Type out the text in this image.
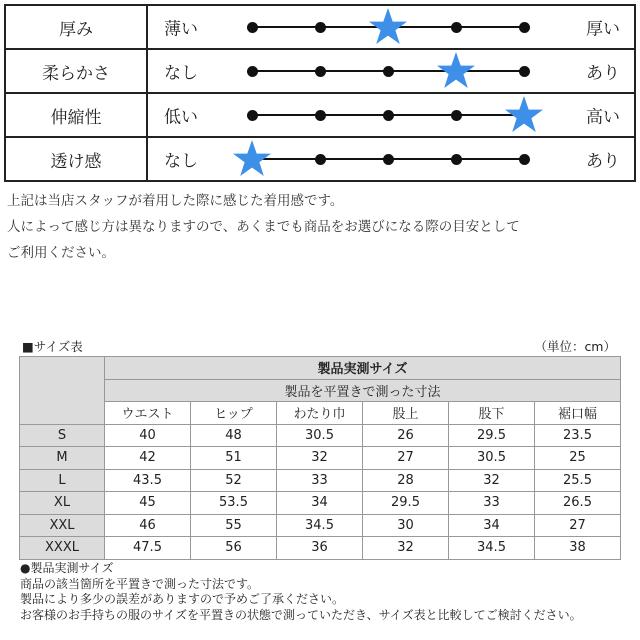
厚み	薄い 厚い

柔らかさ	なし あり

伸縮性	低い 高い

透け感	なし あり

上記は当店スタッフが着用した際に感じた着用感です。

人によって感じ方は異なりますので、あくまでも商品をお選びになる際の目安として

ご利用ください。

■サイズ表	（単位：cm）
	製品実測サイズ					
	製品を平置きで測った寸法					
	ウエスト	ヒップ	わたり巾	股上	股下	裾口幅
S	40	48	30.5	26	29.5	23.5
M	42	51	32	27	30.5	25
L	43.5	52	33	28	32	25.5
XL	45	53.5	34	29.5	33	26.5
XXL	46	55	34.5	30	34	27
XXXL	47.5	56	36	32	34.5	38

●製品実測サイズ

商品の該当箇所を平置きで測った寸法です。

製品により多少の誤差がありますので予めご了承ください。

お客様のお手持ちの服のサイズを平置きの状態で測っていただき、サイズ表と比較してご検討ください。
